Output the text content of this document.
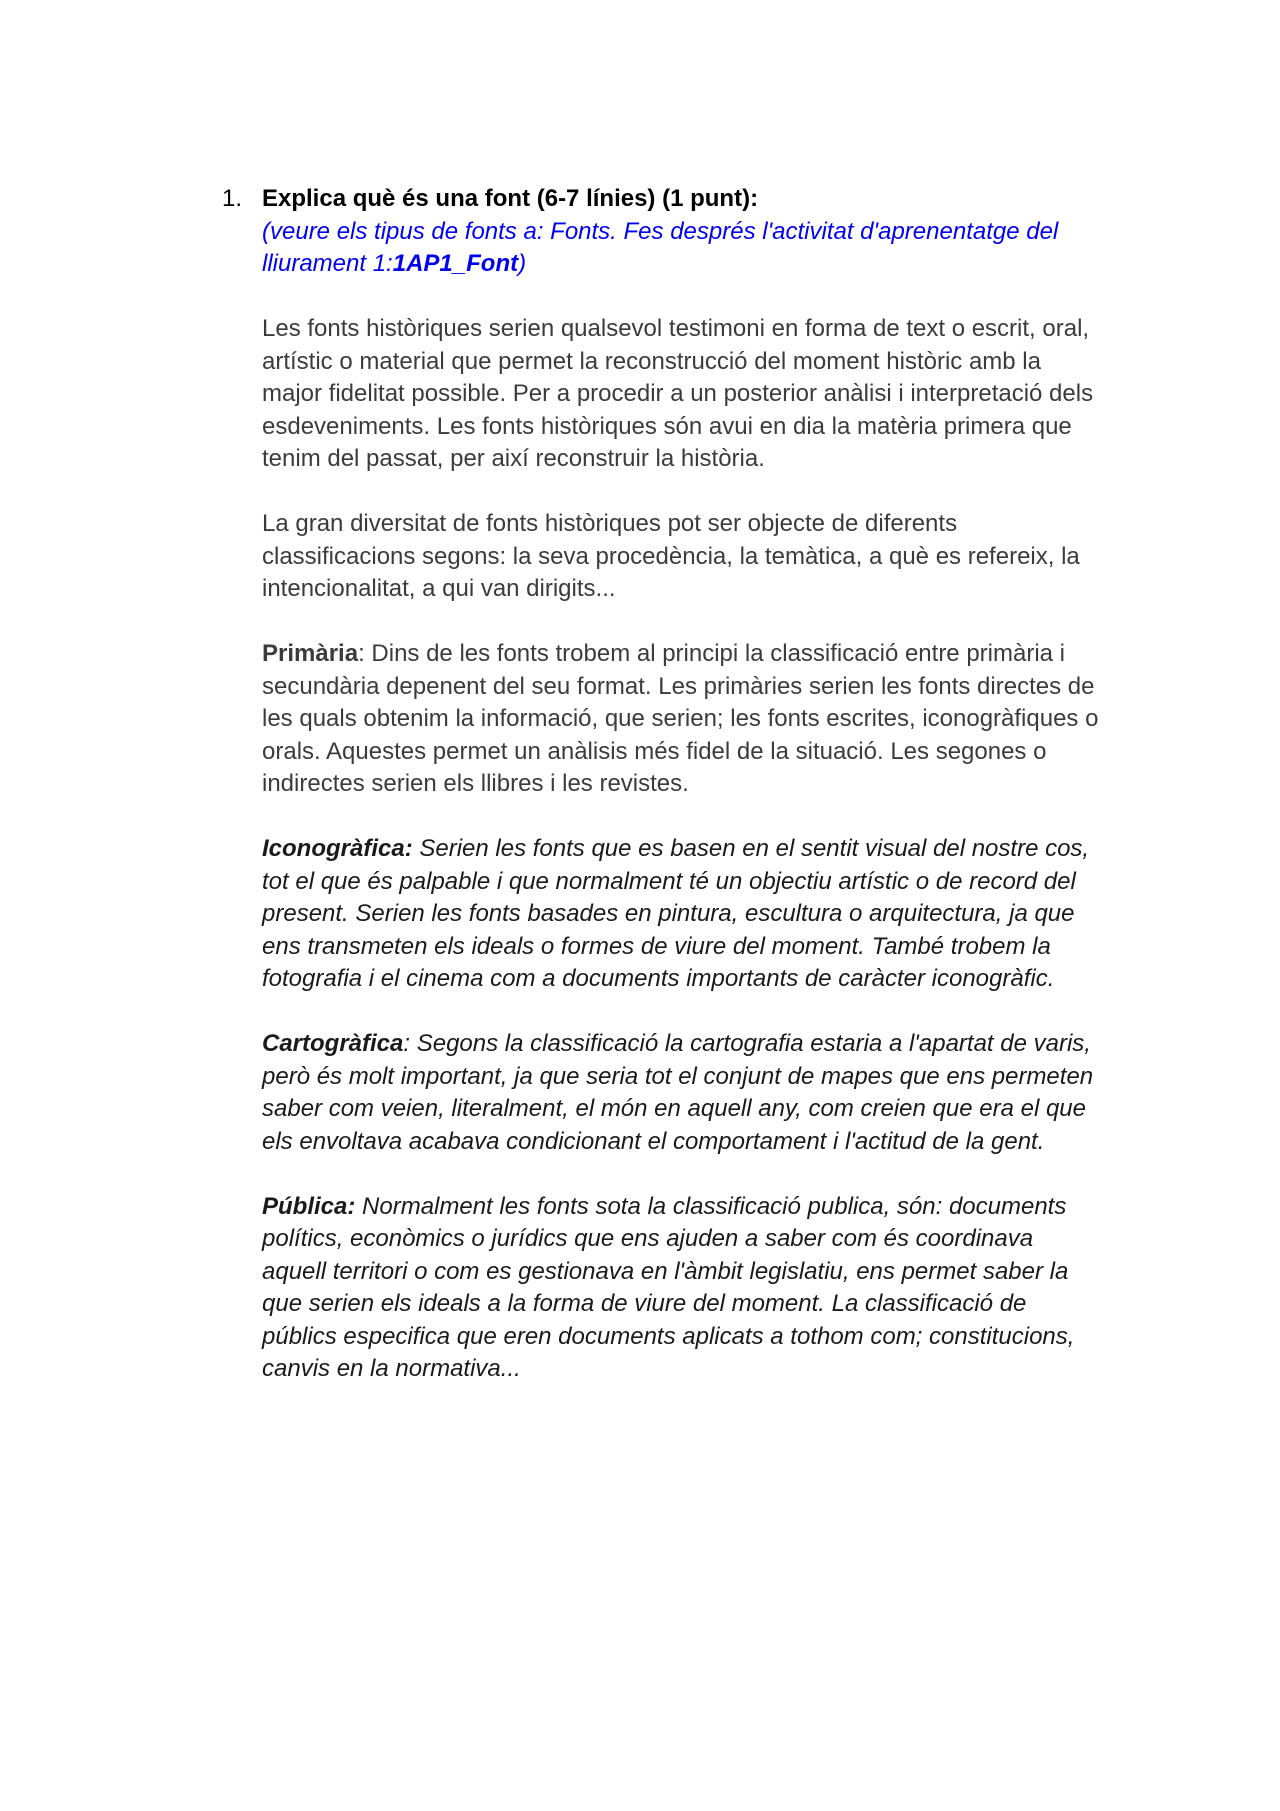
1. Explica què és una font (6-7 línies) (1 punt):

(veure els tipus de fonts a: Fonts. Fes després l'activitat d'aprenentatge del lliurament 1:1AP1_Font)

Les fonts històriques serien qualsevol testimoni en forma de text o escrit, oral, artístic o material que permet la reconstrucció del moment històric amb la major fidelitat possible. Per a procedir a un posterior anàlisi i interpretació dels esdeveniments. Les fonts històriques són avui en dia la matèria primera que tenim del passat, per així reconstruir la història.

La gran diversitat de fonts històriques pot ser objecte de diferents classificacions segons: la seva procedència, la temàtica, a què es refereix, la intencionalitat, a qui van dirigits...

Primària: Dins de les fonts trobem al principi la classificació entre primària i secundària depenent del seu format. Les primàries serien les fonts directes de les quals obtenim la informació, que serien; les fonts escrites, iconogràfiques o orals. Aquestes permet un anàlisis més fidel de la situació. Les segones o indirectes serien els llibres i les revistes.

Iconogràfica: Serien les fonts que es basen en el sentit visual del nostre cos, tot el que és palpable i que normalment té un objectiu artístic o de record del present. Serien les fonts basades en pintura, escultura o arquitectura, ja que ens transmeten els ideals o formes de viure del moment. També trobem la fotografia i el cinema com a documents importants de caràcter iconogràfic.

Cartogràfica: Segons la classificació la cartografia estaria a l'apartat de varis, però és molt important, ja que seria tot el conjunt de mapes que ens permeten saber com veien, literalment, el món en aquell any, com creien que era el que els envoltava acabava condicionant el comportament i l'actitud de la gent.

Pública: Normalment les fonts sota la classificació publica, són: documents polítics, econòmics o jurídics que ens ajuden a saber com és coordinava aquell territori o com es gestionava en l'àmbit legislatiu, ens permet saber la que serien els ideals a la forma de viure del moment. La classificació de públics especifica que eren documents aplicats a tothom com; constitucions, canvis en la normativa...
